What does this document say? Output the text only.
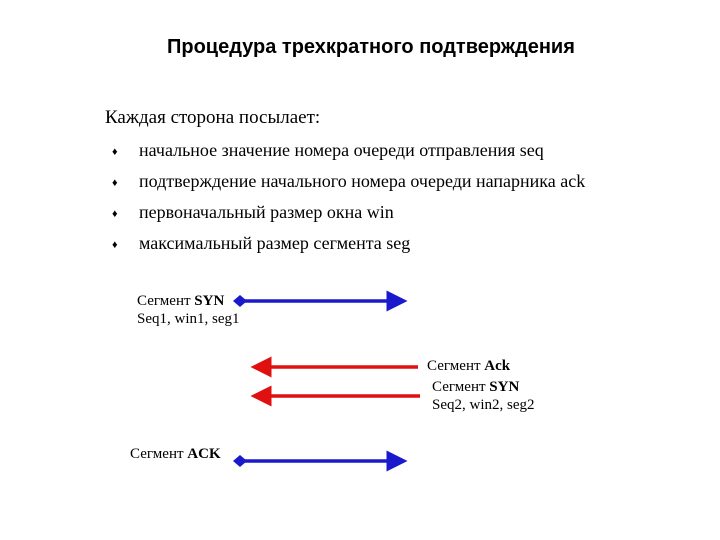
Процедура трехкратного подтверждения
Каждая сторона посылает:
♦ начальное значение номера очереди отправления seq
♦ подтверждение начального номера очереди напарника ack
♦ первоначальный размер окна win
♦ максимальный размер сегмента seg
Сегмент SYN
Seq1, win1, seg1
Сегмент Ack
Сегмент SYN
Seq2, win2, seg2
Сегмент ACK
